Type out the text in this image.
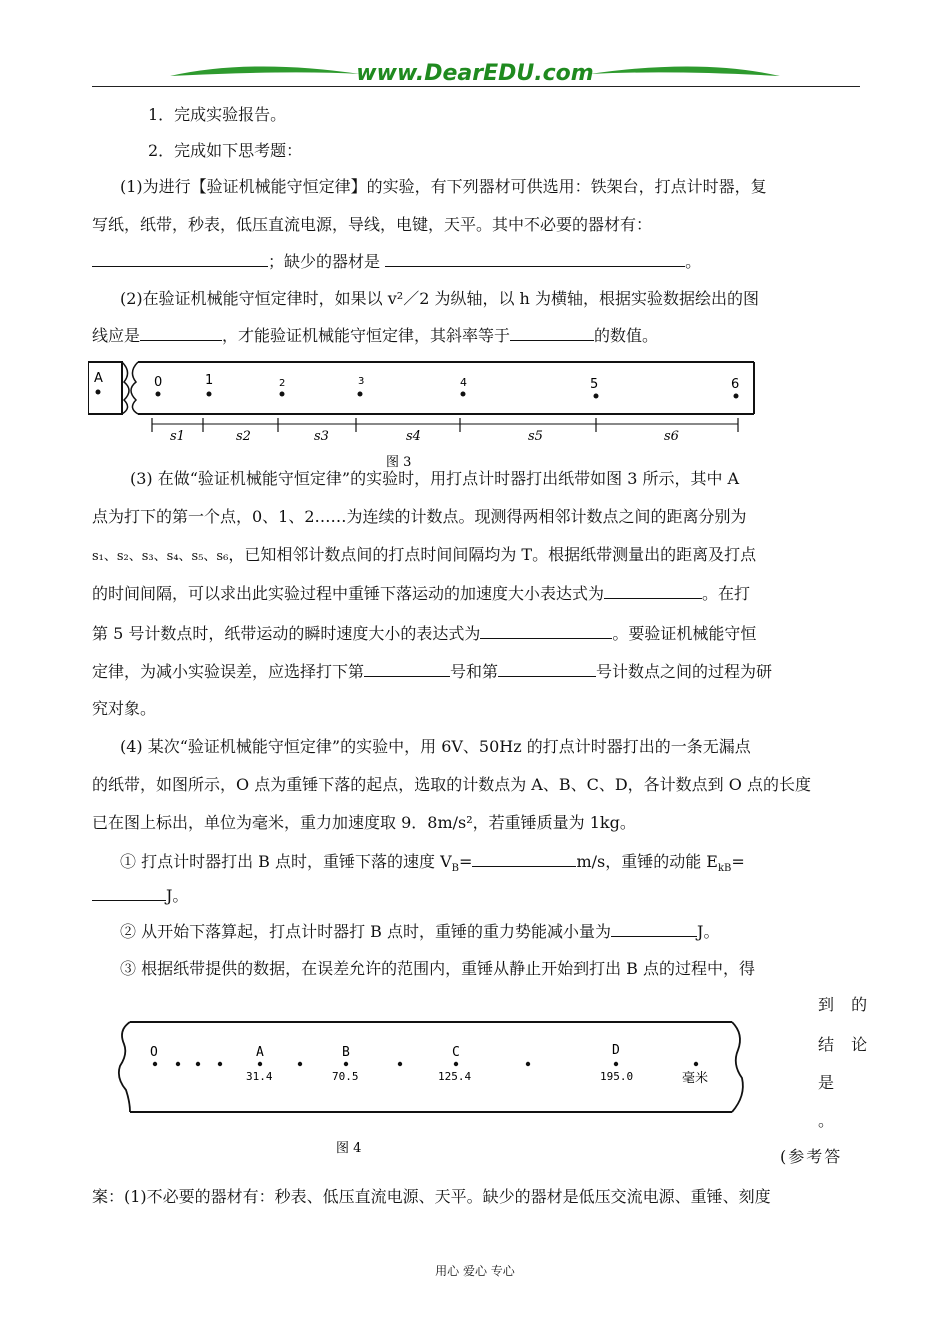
www.DearEDU.com
1．完成实验报告。
2．完成如下思考题：
(1)为进行【验证机械能守恒定律】的实验，有下列器材可供选用：铁架台，打点计时器，复
写纸，纸带，秒表，低压直流电源，导线，电键，天平。其中不必要的器材有：
；缺少的器材是	。
(2)在验证机械能守恒定律时，如果以 v²／2 为纵轴，以 h 为横轴，根据实验数据绘出的图
线应是	，才能验证机械能守恒定律，其斜率等于	的数值。
A	0	1	2	3	4	5	6
s1	s2	s3	s4	s5	s6
图 3
(3) 在做“验证机械能守恒定律”的实验时，用打点计时器打出纸带如图 3 所示，其中 A
点为打下的第一个点，0、1、2……为连续的计数点。现测得两相邻计数点之间的距离分别为
s₁、s₂、s₃、s₄、s₅、s₆，已知相邻计数点间的打点时间间隔均为 T。根据纸带测量出的距离及打点
的时间间隔，可以求出此实验过程中重锤下落运动的加速度大小表达式为	。在打
第 5 号计数点时，纸带运动的瞬时速度大小的表达式为	。要验证机械能守恒
定律，为减小实验误差，应选择打下第	号和第	号计数点之间的过程为研
究对象。
(4) 某次“验证机械能守恒定律”的实验中，用 6V、50Hz 的打点计时器打出的一条无漏点
的纸带，如图所示，O 点为重锤下落的起点，选取的计数点为 A、B、C、D，各计数点到 O 点的长度
已在图上标出，单位为毫米，重力加速度取 9．8m/s²，若重锤质量为 1kg。
① 打点计时器打出 B 点时，重锤下落的速度 $V_B=$	m/s，重锤的动能 $E_{kB}=$
J。
② 从开始下落算起，打点计时器打 B 点时，重锤的重力势能减小量为	J。
③ 根据纸带提供的数据，在误差允许的范围内，重锤从静止开始到打出 B 点的过程中，得
到 的
结 论
是
。
O	A	B	C	D
31.4	70.5	125.4	195.0	毫米
图 4	(参考答
案：(1)不必要的器材有：秒表、低压直流电源、天平。缺少的器材是低压交流电源、重锤、刻度
用心 爱心 专心
